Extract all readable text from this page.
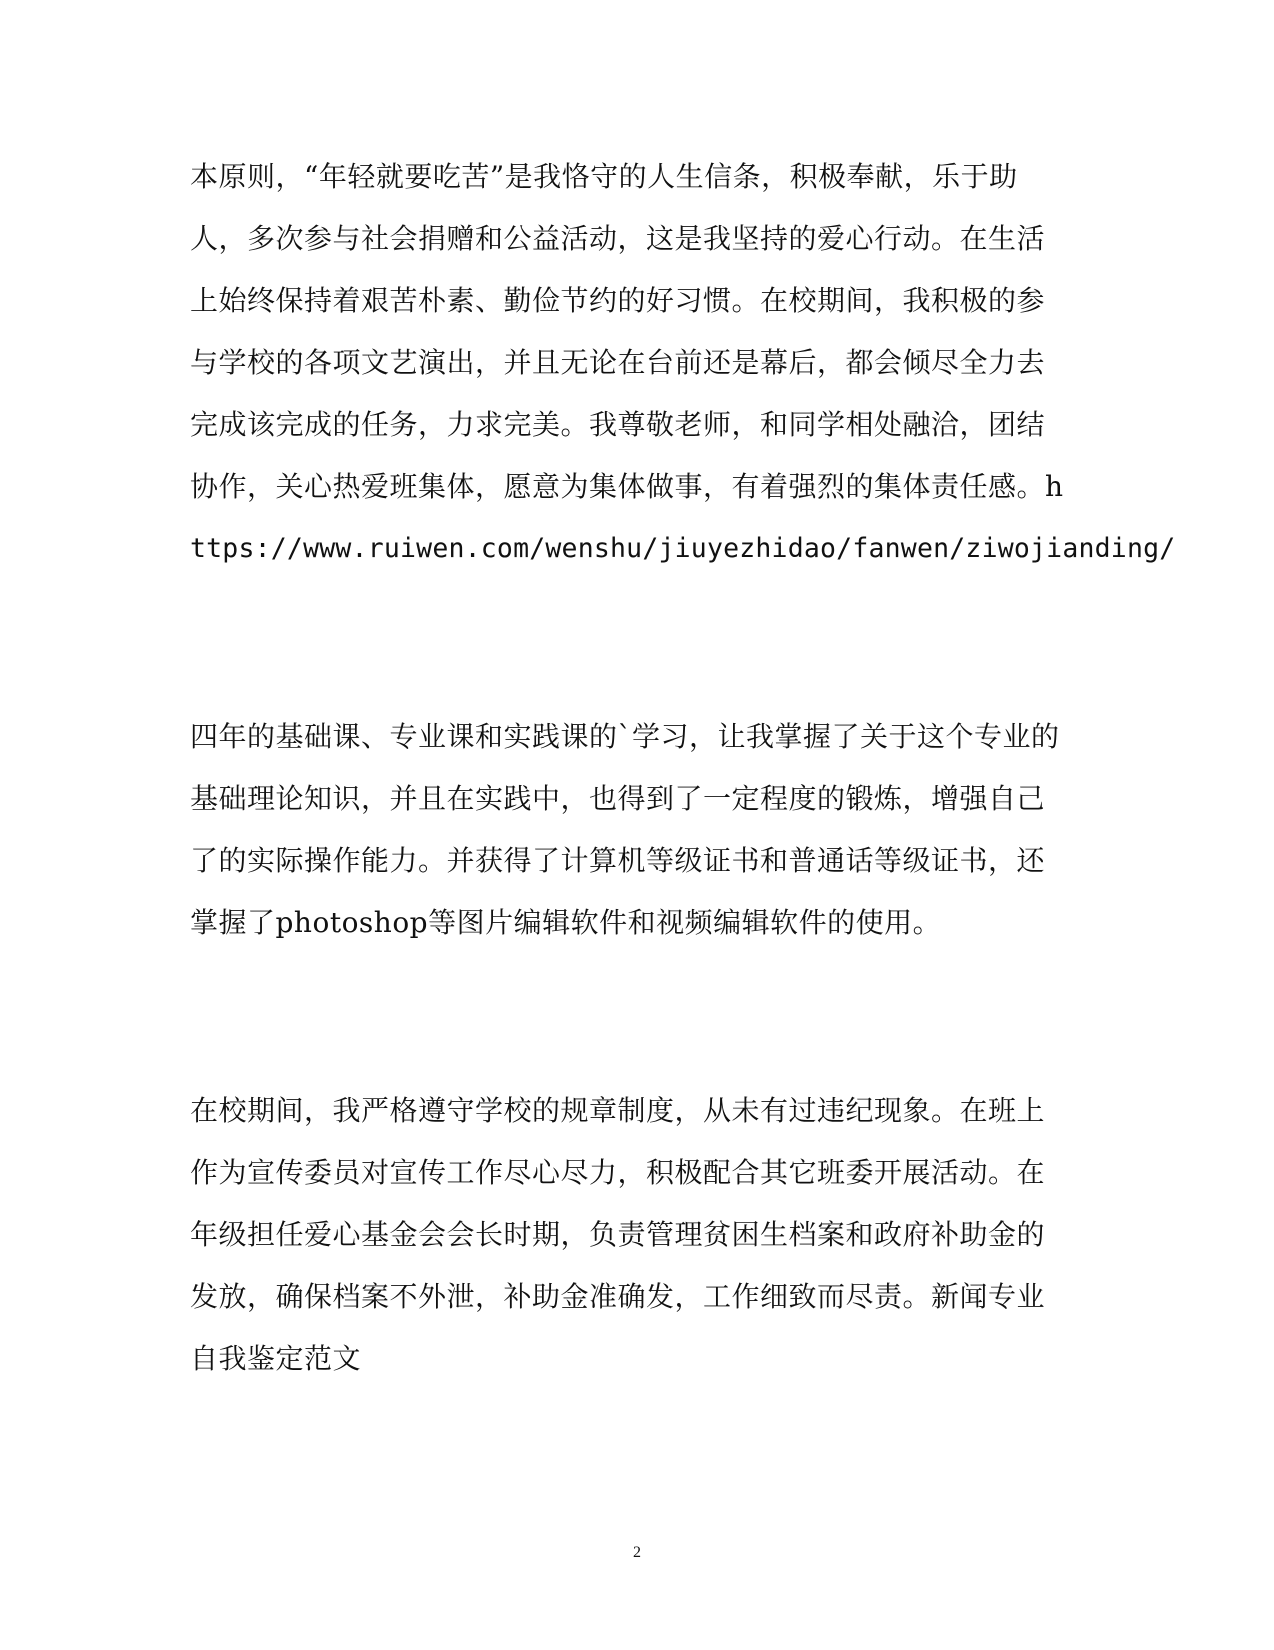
本原则，“年轻就要吃苦”是我恪守的人生信条，积极奉献，乐于助
人，多次参与社会捐赠和公益活动，这是我坚持的爱心行动。在生活
上始终保持着艰苦朴素、勤俭节约的好习惯。在校期间，我积极的参
与学校的各项文艺演出，并且无论在台前还是幕后，都会倾尽全力去
完成该完成的任务，力求完美。我尊敬老师，和同学相处融洽，团结
协作，关心热爱班集体，愿意为集体做事，有着强烈的集体责任感。h
ttps://www.ruiwen.com/wenshu/jiuyezhidao/fanwen/ziwojianding/
四年的基础课、专业课和实践课的`学习，让我掌握了关于这个专业的
基础理论知识，并且在实践中，也得到了一定程度的锻炼，增强自己
了的实际操作能力。并获得了计算机等级证书和普通话等级证书，还
掌握了photoshop等图片编辑软件和视频编辑软件的使用。
在校期间，我严格遵守学校的规章制度，从未有过违纪现象。在班上
作为宣传委员对宣传工作尽心尽力，积极配合其它班委开展活动。在
年级担任爱心基金会会长时期，负责管理贫困生档案和政府补助金的
发放，确保档案不外泄，补助金准确发，工作细致而尽责。新闻专业
自我鉴定范文
2
